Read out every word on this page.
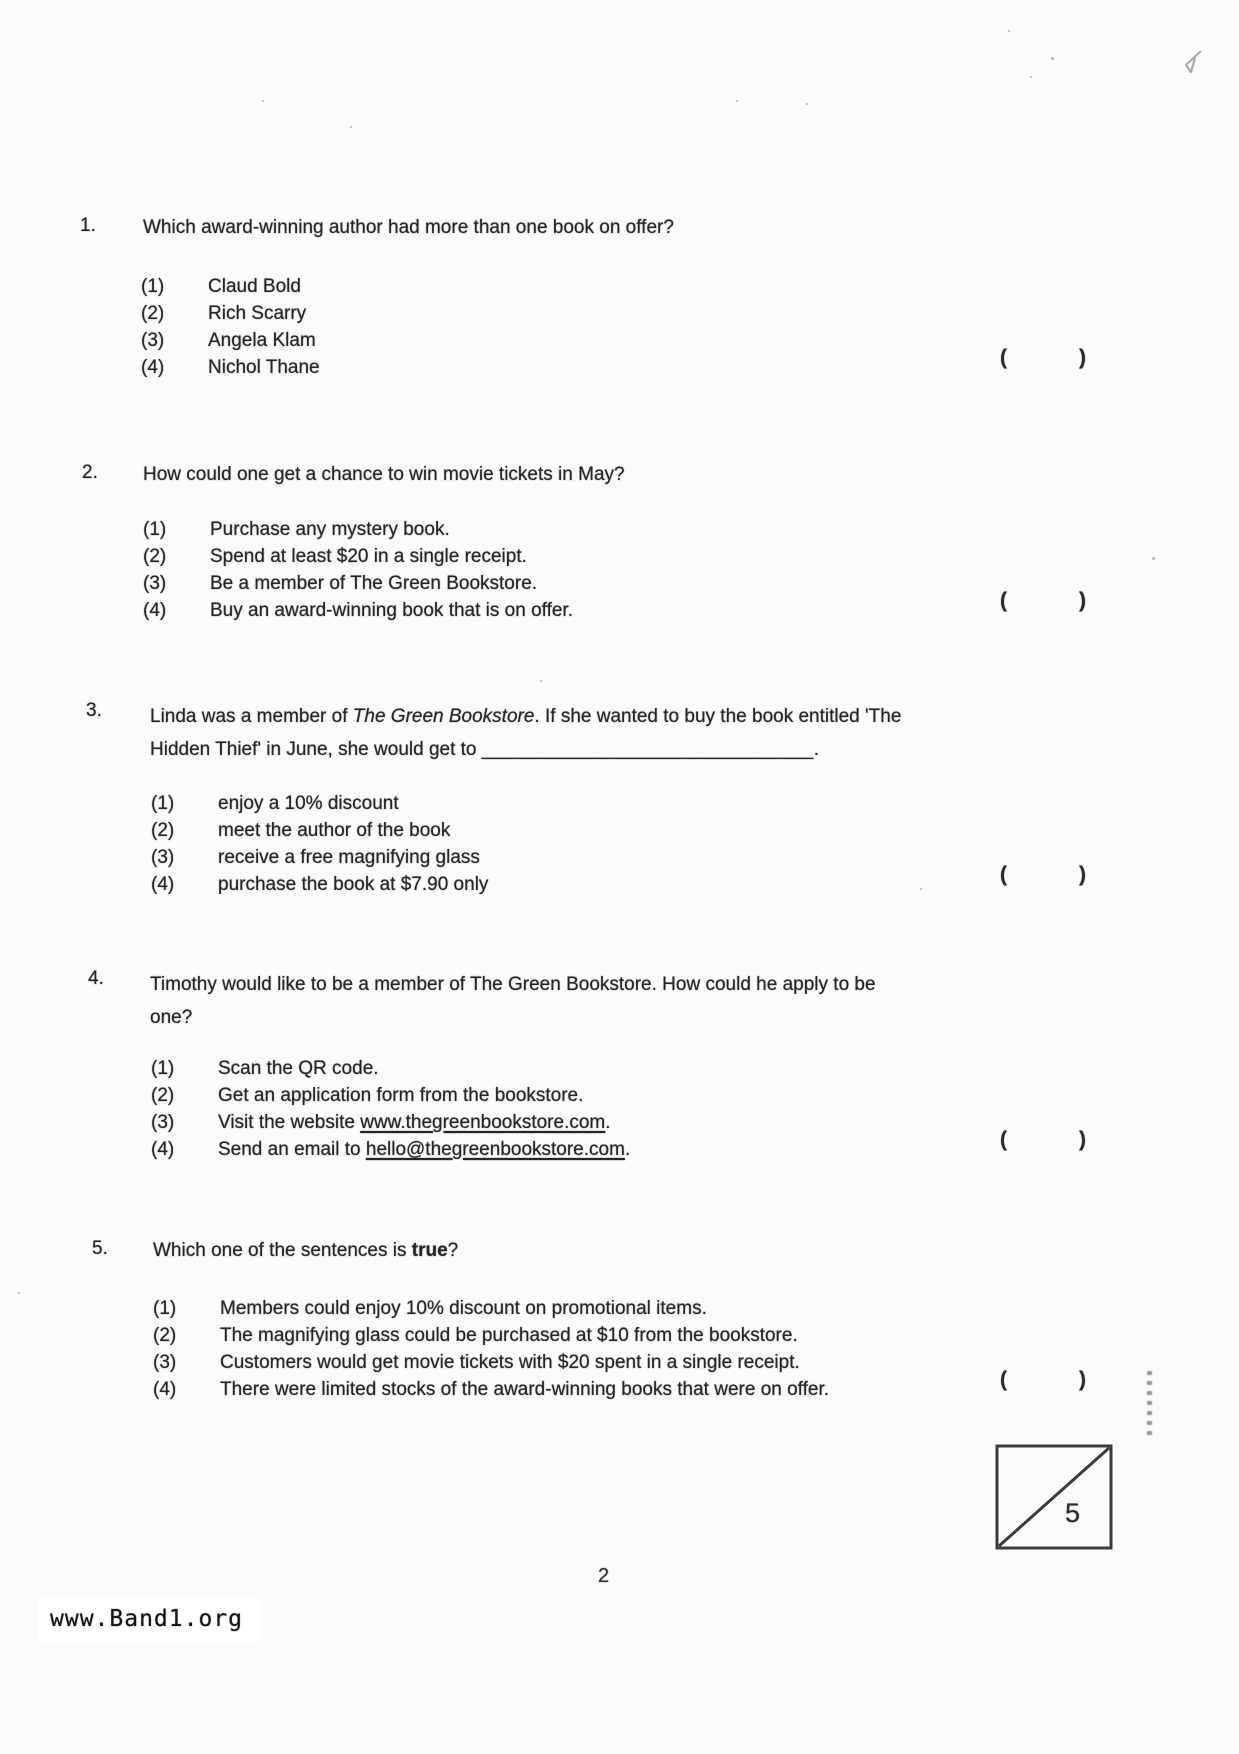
1.	Which award-winning author had more than one book on offer?
(1) Claud Bold
(2) Rich Scarry
(3) Angela Klam
(4) Nichol Thane	(	)
2.	How could one get a chance to win movie tickets in May?
(1) Purchase any mystery book.
(2) Spend at least $20 in a single receipt.
(3) Be a member of The Green Bookstore.
(4) Buy an award-winning book that is on offer.	(	)
3.	Linda was a member of The Green Bookstore. If she wanted to buy the book entitled 'The
Hidden Thief' in June, she would get to ______________________________.
(1) enjoy a 10% discount
(2) meet the author of the book
(3) receive a free magnifying glass
(4) purchase the book at $7.90 only	(	)
4.	Timothy would like to be a member of The Green Bookstore. How could he apply to be
one?
(1) Scan the QR code.
(2) Get an application form from the bookstore.
(3) Visit the website www.thegreenbookstore.com.
(4) Send an email to hello@thegreenbookstore.com.	(	)
5.	Which one of the sentences is true?
(1) Members could enjoy 10% discount on promotional items.
(2) The magnifying glass could be purchased at $10 from the bookstore.
(3) Customers would get movie tickets with $20 spent in a single receipt.
(4) There were limited stocks of the award-winning books that were on offer.	(	)
5
2
www.Band1.org
